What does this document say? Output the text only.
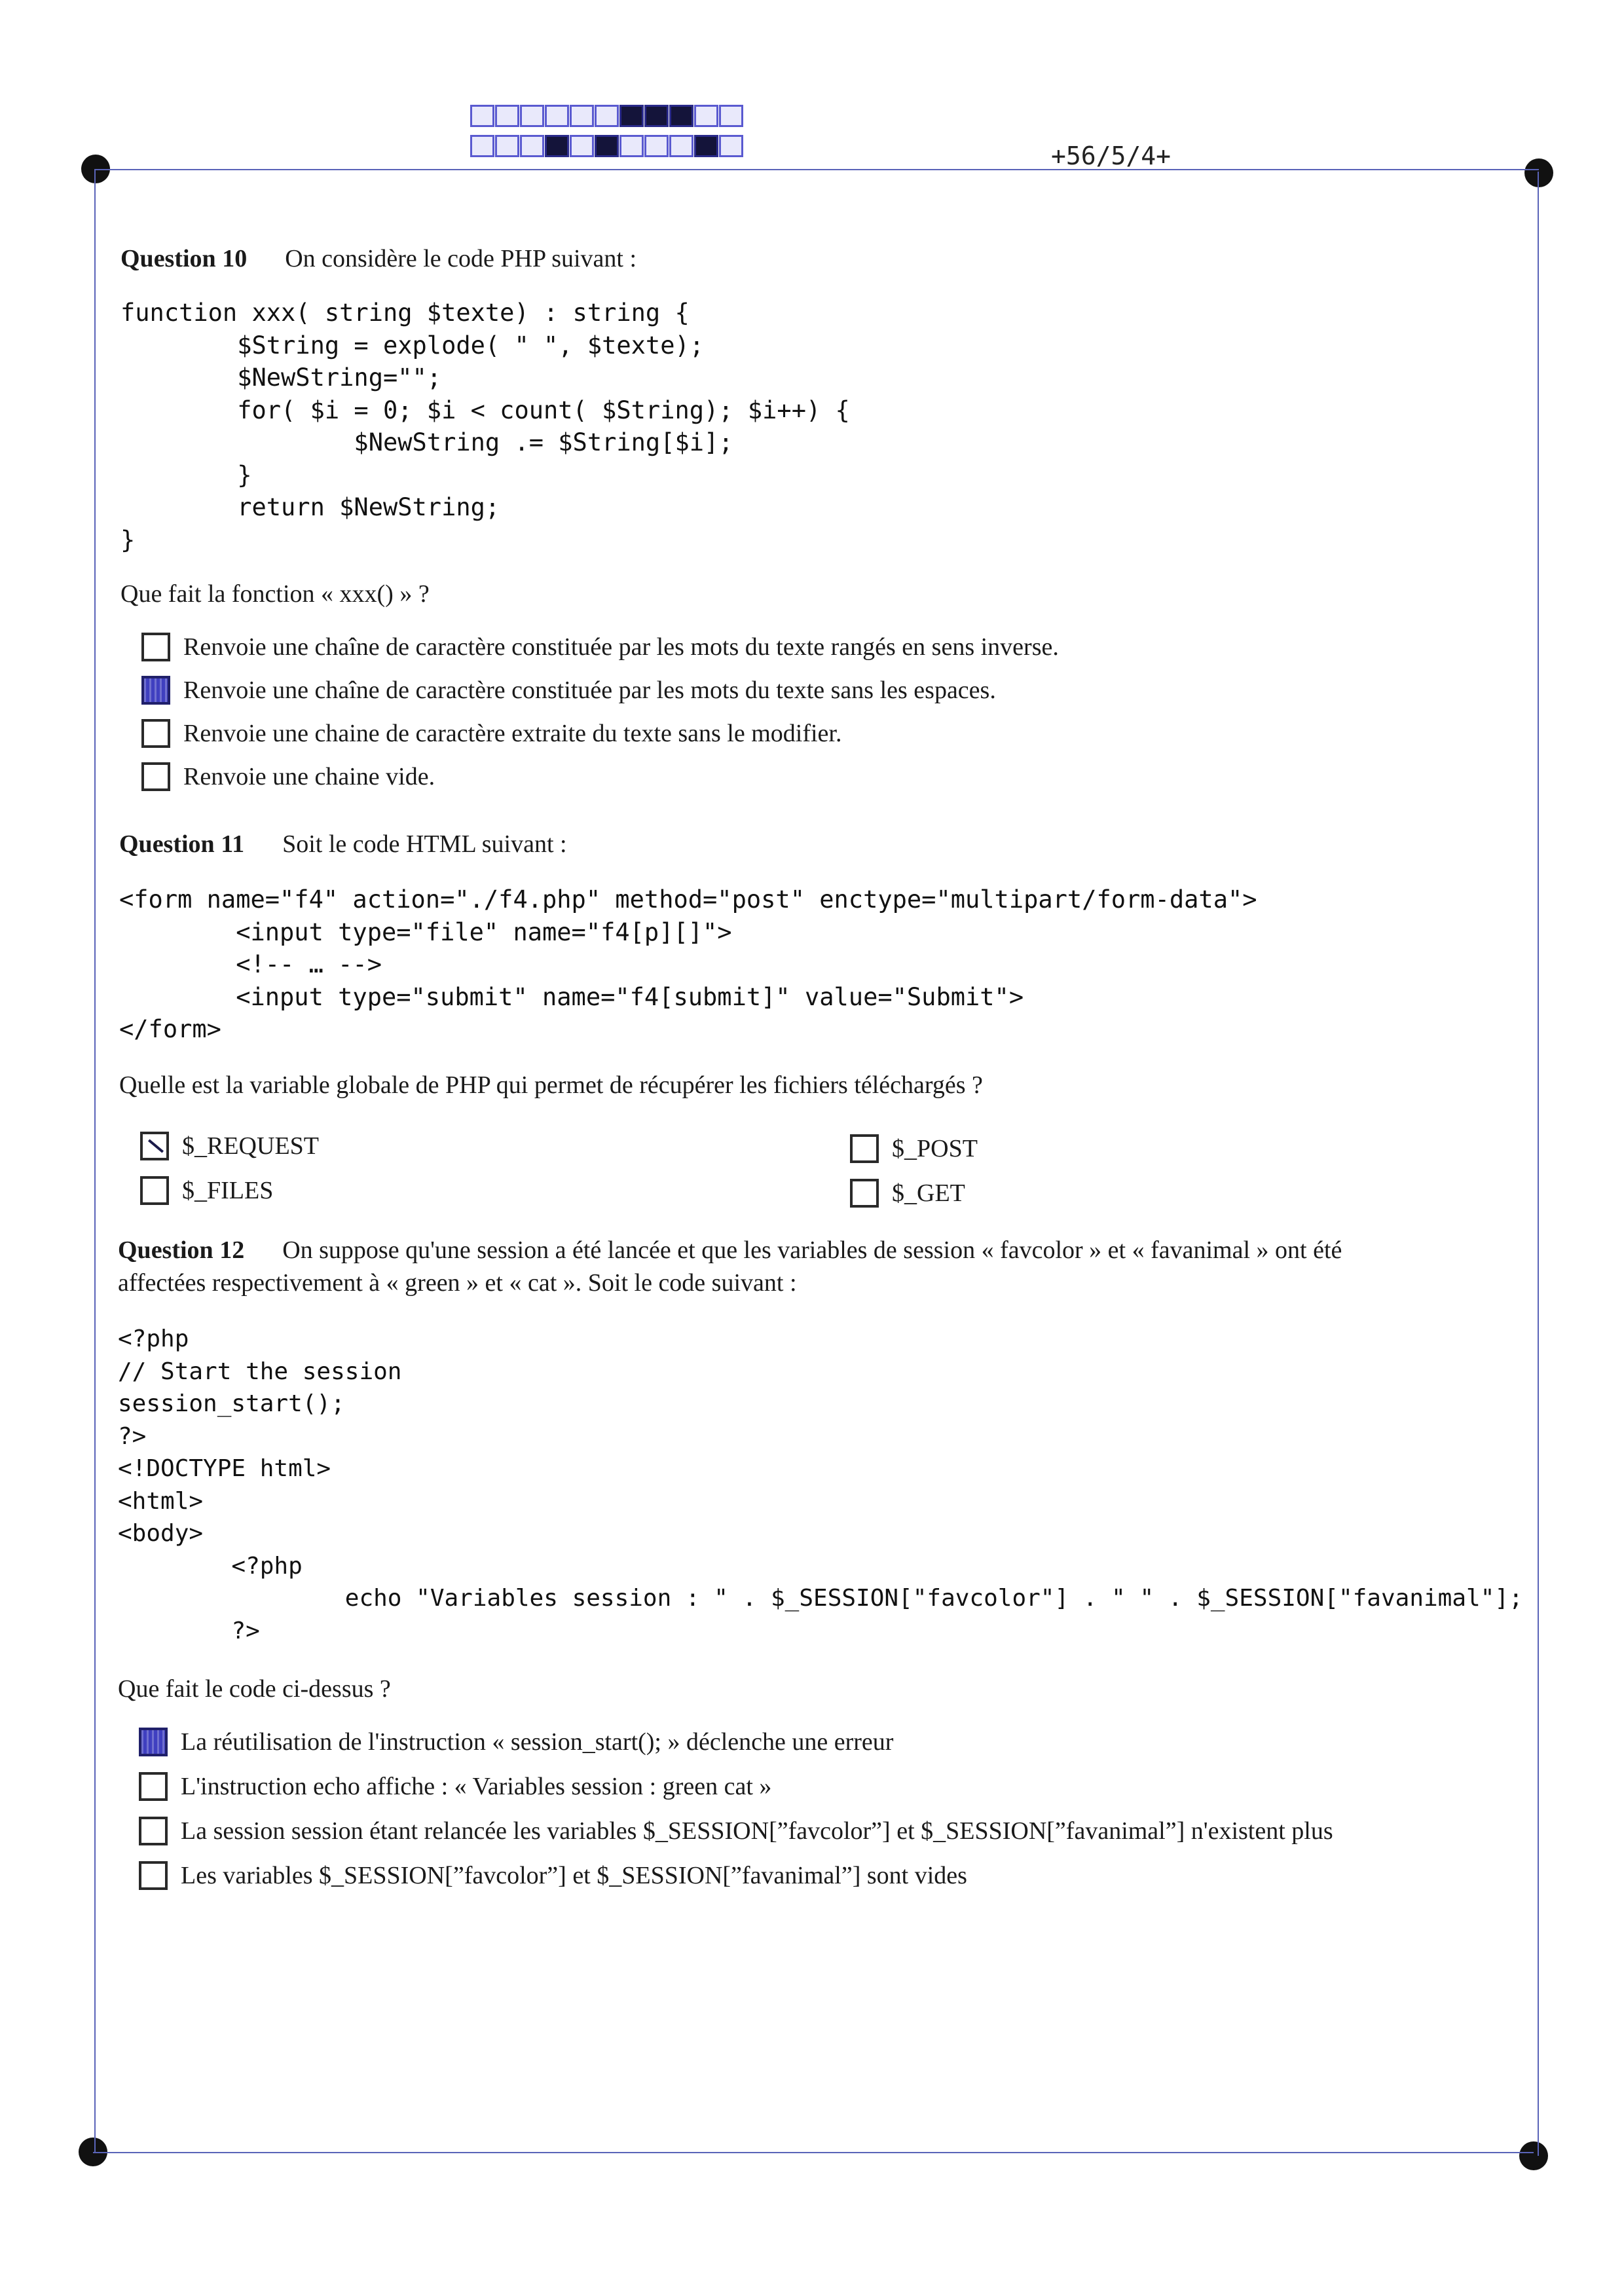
+56/5/4+
Question 10 On considère le code PHP suivant :
function xxx( string $texte) : string {
$String = explode( " ", $texte);
$NewString="";
for( $i = 0; $i < count( $String); $i++) {
$NewString .= $String[$i];
}
return $NewString;
}
Que fait la fonction « xxx() » ?
Renvoie une chaîne de caractère constituée par les mots du texte rangés en sens inverse.
Renvoie une chaîne de caractère constituée par les mots du texte sans les espaces.
Renvoie une chaine de caractère extraite du texte sans le modifier.
Renvoie une chaine vide.
Question 11 Soit le code HTML suivant :
<form name="f4" action="./f4.php" method="post" enctype="multipart/form-data">
<input type="file" name="f4[p][]">
<!-- … -->
<input type="submit" name="f4[submit]" value="Submit">
</form>
Quelle est la variable globale de PHP qui permet de récupérer les fichiers téléchargés ?
$_REQUEST	$_POST
$_FILES	$_GET
Question 12 On suppose qu'une session a été lancée et que les variables de session « favcolor » et « favanimal » ont été
affectées respectivement à « green » et « cat ». Soit le code suivant :
<?php
// Start the session
session_start();
?>
<!DOCTYPE html>
<html>
<body>
<?php
echo "Variables session : " . $_SESSION["favcolor"] . " " . $_SESSION["favanimal"];
?>
Que fait le code ci-dessus ?
La réutilisation de l'instruction « session_start(); » déclenche une erreur
L'instruction echo affiche : « Variables session : green cat »
La session session étant relancée les variables $_SESSION[”favcolor”] et $_SESSION[”favanimal”] n'existent plus
Les variables $_SESSION[”favcolor”] et $_SESSION[”favanimal”] sont vides
